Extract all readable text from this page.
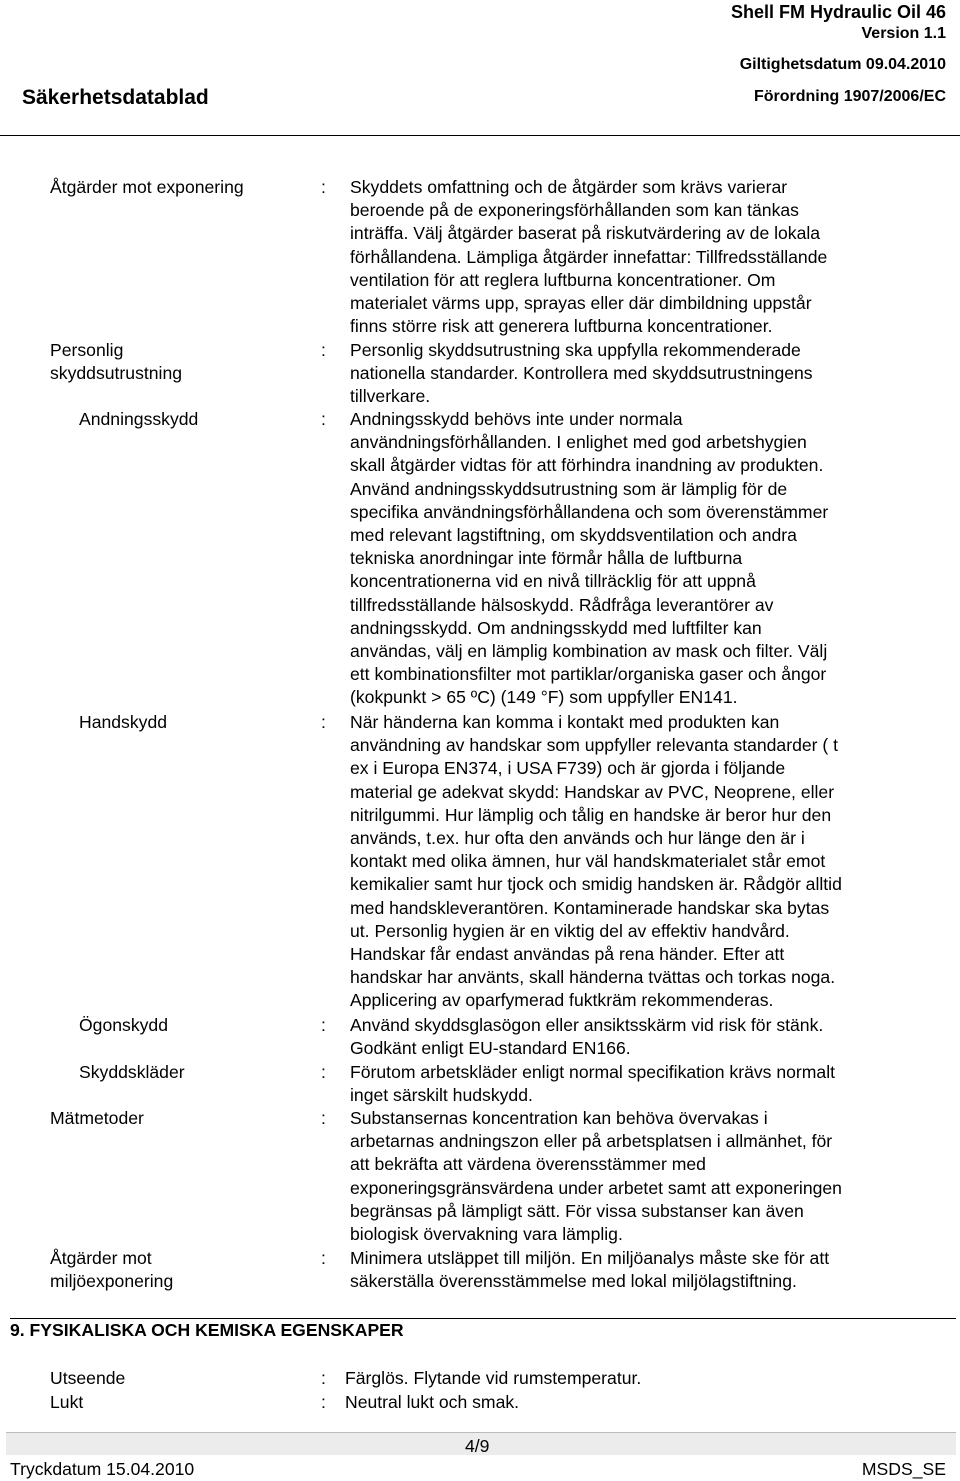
Shell FM Hydraulic Oil 46
Version 1.1
Giltighetsdatum 09.04.2010
Förordning 1907/2006/EC
Säkerhetsdatablad
Åtgärder mot exponering	: Skyddets omfattning och de åtgärder som krävs varierar
beroende på de exponeringsförhållanden som kan tänkas
inträffa. Välj åtgärder baserat på riskutvärdering av de lokala
förhållandena. Lämpliga åtgärder innefattar: Tillfredsställande
ventilation för att reglera luftburna koncentrationer. Om
materialet värms upp, sprayas eller där dimbildning uppstår
finns större risk att generera luftburna koncentrationer.
Personlig
skyddsutrustning
: Personlig skyddsutrustning ska uppfylla rekommenderade
nationella standarder. Kontrollera med skyddsutrustningens
tillverkare.
Andningsskydd	: Andningsskydd behövs inte under normala
användningsförhållanden. I enlighet med god arbetshygien
skall åtgärder vidtas för att förhindra inandning av produkten.
Använd andningsskyddsutrustning som är lämplig för de
specifika användningsförhållandena och som överenstämmer
med relevant lagstiftning, om skyddsventilation och andra
tekniska anordningar inte förmår hålla de luftburna
koncentrationerna vid en nivå tillräcklig för att uppnå
tillfredsställande hälsoskydd. Rådfråga leverantörer av
andningsskydd. Om andningsskydd med luftfilter kan
användas, välj en lämplig kombination av mask och filter. Välj
ett kombinationsfilter mot partiklar/organiska gaser och ångor
(kokpunkt > 65 ºC) (149 °F) som uppfyller EN141.
Handskydd	: När händerna kan komma i kontakt med produkten kan
användning av handskar som uppfyller relevanta standarder ( t
ex i Europa EN374, i USA F739) och är gjorda i följande
material ge adekvat skydd: Handskar av PVC, Neoprene, eller
nitrilgummi. Hur lämplig och tålig en handske är beror hur den
används, t.ex. hur ofta den används och hur länge den är i
kontakt med olika ämnen, hur väl handskmaterialet står emot
kemikalier samt hur tjock och smidig handsken är. Rådgör alltid
med handskleverantören. Kontaminerade handskar ska bytas
ut. Personlig hygien är en viktig del av effektiv handvård.
Handskar får endast användas på rena händer. Efter att
handskar har använts, skall händerna tvättas och torkas noga.
Applicering av oparfymerad fuktkräm rekommenderas.
Ögonskydd	: Använd skyddsglasögon eller ansiktsskärm vid risk för stänk.
Godkänt enligt EU-standard EN166.
Skyddskläder	: Förutom arbetskläder enligt normal specifikation krävs normalt
inget särskilt hudskydd.
Mätmetoder	: Substansernas koncentration kan behöva övervakas i
arbetarnas andningszon eller på arbetsplatsen i allmänhet, för
att bekräfta att värdena överensstämmer med
exponeringsgränsvärdena under arbetet samt att exponeringen
begränsas på lämpligt sätt. För vissa substanser kan även
biologisk övervakning vara lämplig.
Åtgärder mot
miljöexponering
: Minimera utsläppet till miljön. En miljöanalys måste ske för att
säkerställa överensstämmelse med lokal miljölagstiftning.
9. FYSIKALISKA OCH KEMISKA EGENSKAPER
Utseende	: Färglös. Flytande vid rumstemperatur.
Lukt	: Neutral lukt och smak.
4/9
Tryckdatum 15.04.2010	MSDS_SE
